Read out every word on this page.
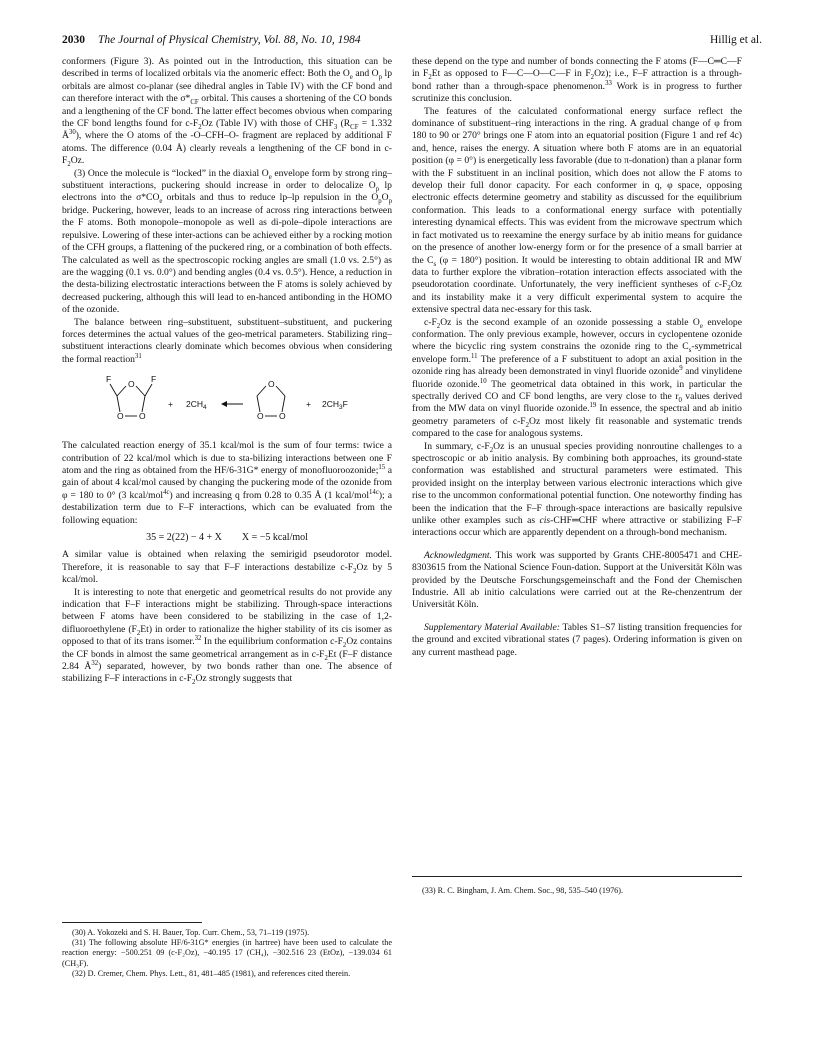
2030 The Journal of Physical Chemistry, Vol. 88, No. 10, 1984	Hillig et al.

conformers (Figure 3). As pointed out in the Introduction, this situation can be described in terms of localized orbitals via the anomeric effect: Both the $O_e$ and $O_p$ lp orbitals are almost co-planar (see dihedral angles in Table IV) with the CF bond and can therefore interact with the $\sigma*_{CF}$ orbital. This causes a shortening of the CO bonds and a lengthening of the CF bond. The latter effect becomes obvious when comparing the CF bond lengths found for $c-F_2Oz$ (Table IV) with those of $CHF_3$ ($R_{CF} = 1.332$ $Å^{30}$), where the O atoms of the -O–CFH–O- fragment are replaced by additional F atoms. The difference (0.04 Å) clearly reveals a lengthening of the CF bond in $c-F_2Oz$.

(3) Once the molecule is “locked” in the diaxial $O_e$ envelope form by strong ring–substituent interactions, puckering should increase in order to delocalize $O_p$ lp electrons into the $\sigma*CO_e$ orbitals and thus to reduce lp–lp repulsion in the $O_pO_p$ bridge. Puckering, however, leads to an increase of across ring interactions between the F atoms. Both monopole–monopole as well as di-pole–dipole interactions are repulsive. Lowering of these inter-actions can be achieved either by a rocking motion of the CFH groups, a flattening of the puckered ring, or a combination of both effects. The calculated as well as the spectroscopic rocking angles are small (1.0 vs. 2.5°) as are the wagging (0.1 vs. 0.0°) and bending angles (0.4 vs. 0.5°). Hence, a reduction in the desta-bilizing electrostatic interactions between the F atoms is solely achieved by decreased puckering, although this will lead to en-hanced antibonding in the HOMO of the ozonide.

The balance between ring–substituent, substituent–substituent, and puckering forces determines the actual values of the geo-metrical parameters. Stabilizing ring–substituent interactions clearly dominate which becomes obvious when considering the formal reaction$^{31}$

F	F
O
O O
+ $2CH_4$
O
O O
+ $2CH_3F$

The calculated reaction energy of 35.1 kcal/mol is the sum of four terms: twice a contribution of 22 kcal/mol which is due to sta-bilizing interactions between one F atom and the ring as obtained from the HF/6-31G* energy of monofluoroozonide;$^{15}$ a gain of about 4 kcal/mol caused by changing the puckering mode of the ozonide from φ = 180 to 0° (3 kcal/mol$^{4c}$) and increasing q from 0.28 to 0.35 Å (1 kcal/mol$^{14c}$); a destabilization term due to F–F interactions, which can be evaluated from the following equation:

35 = 2(22) − 4 + X X = −5 kcal/mol

A similar value is obtained when relaxing the semirigid pseudorotor model. Therefore, it is reasonable to say that F–F interactions destabilize $c-F_2Oz$ by 5 kcal/mol.

It is interesting to note that energetic and geometrical results do not provide any indication that F–F interactions might be stabilizing. Through-space interactions between F atoms have been considered to be stabilizing in the case of 1,2-difluoroethylene $(F_2Et)$ in order to rationalize the higher stability of its cis isomer as opposed to that of its trans isomer.$^{32}$ In the equilibrium conformation $c-F_2Oz$ contains the CF bonds in almost the same geometrical arrangement as in $c-F_2Et$ (F–F distance 2.84 $Å^{32}$) separated, however, by two bonds rather than one. The absence of stabilizing F–F interactions in $c-F_2Oz$ strongly suggests that

(30) A. Yokozeki and S. H. Bauer, Top. Curr. Chem., 53, 71–119 (1975).

(31) The following absolute HF/6-31G* energies (in hartree) have been used to calculate the reaction energy: −500.251 09 (c-F₂Oz), −40.195 17 (CH₄), −302.516 23 (EtOz), −139.034 61 (CH₃F).

(32) D. Cremer, Chem. Phys. Lett., 81, 481–485 (1981), and references cited therein.

these depend on the type and number of bonds connecting the F atoms (F—C═C—F in $F_2Et$ as opposed to F—C—O—C—F in $F_2Oz$); i.e., F–F attraction is a through-bond rather than a through-space phenomenon.$^{33}$ Work is in progress to further scrutinize this conclusion.

The features of the calculated conformational energy surface reflect the dominance of substituent–ring interactions in the ring. A gradual change of φ from 180 to 90 or 270° brings one F atom into an equatorial position (Figure 1 and ref 4c) and, hence, raises the energy. A situation where both F atoms are in an equatorial position (φ = 0°) is energetically less favorable (due to π-donation) than a planar form with the F substituent in an inclinal position, which does not allow the F atoms to develop their full donor capacity. For each conformer in q, φ space, opposing electronic effects determine geometry and stability as discussed for the equilibrium conformation. This leads to a conformational energy surface with potentially interesting dynamical effects. This was evident from the microwave spectrum which in fact motivated us to reexamine the energy surface by ab initio means for guidance on the presence of another low-energy form or for the presence of a small barrier at the $C_s$ (φ = 180°) position. It would be interesting to obtain additional IR and MW data to further explore the vibration–rotation interaction effects associated with the pseudorotation coordinate. Unfortunately, the very inefficient syntheses of $c-F_2Oz$ and its instability make it a very difficult experimental system to acquire the extensive spectral data nec-essary for this task.

$c-F_2Oz$ is the second example of an ozonide possessing a stable $O_e$ envelope conformation. The only previous example, however, occurs in cyclopentene ozonide where the bicyclic ring system constrains the ozonide ring to the $C_s$-symmetrical envelope form.$^{11}$ The preference of a F substituent to adopt an axial position in the ozonide ring has already been demonstrated in vinyl fluoride ozonide$^9$ and vinylidene fluoride ozonide.$^{10}$ The geometrical data obtained in this work, in particular the spectrally derived CO and CF bond lengths, are very close to the $r_0$ values derived from the MW data on vinyl fluoride ozonide.$^{19}$ In essence, the spectral and ab initio geometry parameters of $c-F_2Oz$ most likely fit reasonable and systematic trends compared to the case for analogous systems.

In summary, $c-F_2Oz$ is an unusual species providing nonroutine challenges to a spectroscopic or ab initio analysis. By combining both approaches, its ground-state conformation was established and structural parameters were estimated. This provided insight on the interplay between various electronic interactions which give rise to the uncommon conformational potential function. One noteworthy finding has been the indication that the F–F through-space interactions are basically repulsive unlike other examples such as cis-CHF═CHF where attractive or stabilizing F–F interactions occur which are apparently dependent on a through-bond mechanism.

Acknowledgment. This work was supported by Grants CHE-8005471 and CHE-8303615 from the National Science Foun-dation. Support at the Universität Köln was provided by the Deutsche Forschungsgemeinschaft and the Fond der Chemischen Industrie. All ab initio calculations were carried out at the Re-chenzentrum der Universität Köln.

Supplementary Material Available: Tables S1–S7 listing transition frequencies for the ground and excited vibrational states (7 pages). Ordering information is given on any current masthead page.

(33) R. C. Bingham, J. Am. Chem. Soc., 98, 535–540 (1976).
